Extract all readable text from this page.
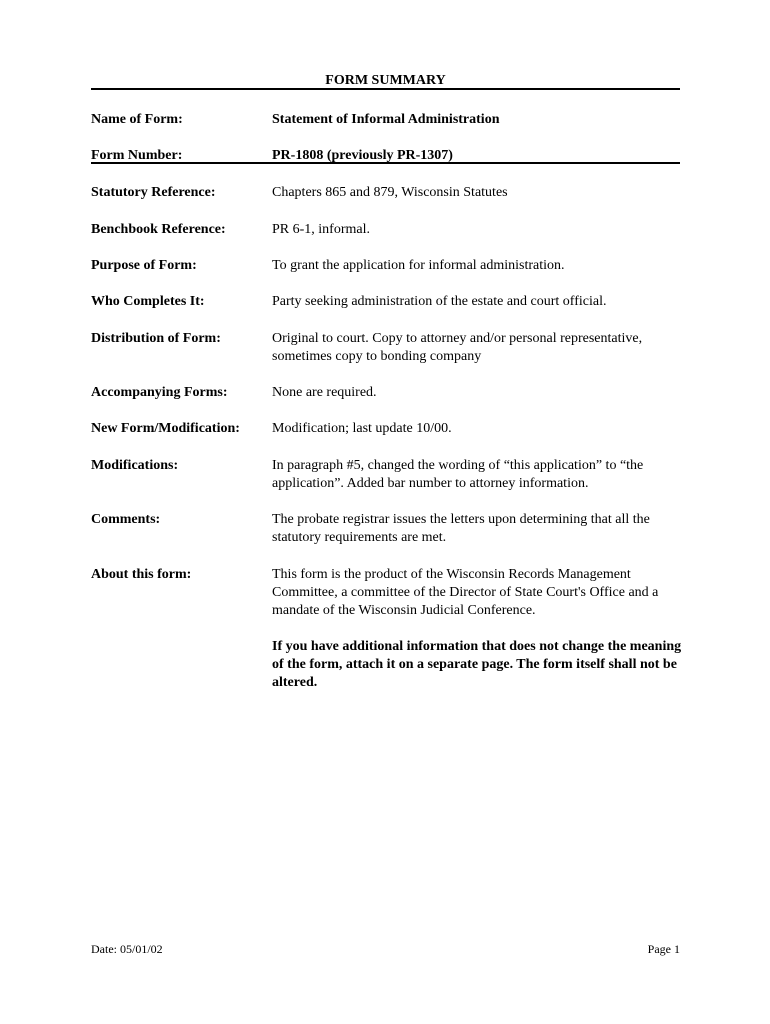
FORM SUMMARY
Name of Form:	Statement of Informal Administration
Form Number:	PR-1808 (previously PR-1307)
Statutory Reference:	Chapters 865 and 879, Wisconsin Statutes
Benchbook Reference:	PR 6-1, informal.
Purpose of Form:	To grant the application for informal administration.
Who Completes It:	Party seeking administration of the estate and court official.
Distribution of Form:	Original to court. Copy to attorney and/or personal representative, sometimes copy to bonding company
Accompanying Forms:	None are required.
New Form/Modification: Modification; last update 10/00.
Modifications:	In paragraph #5, changed the wording of “this application” to “the application”. Added bar number to attorney information.
Comments:	The probate registrar issues the letters upon determining that all the statutory requirements are met.
About this form:	This form is the product of the Wisconsin Records Management Committee, a committee of the Director of State Court's Office and a mandate of the Wisconsin Judicial Conference.
If you have additional information that does not change the meaning of the form, attach it on a separate page. The form itself shall not be altered.
Date: 05/01/02	Page 1
